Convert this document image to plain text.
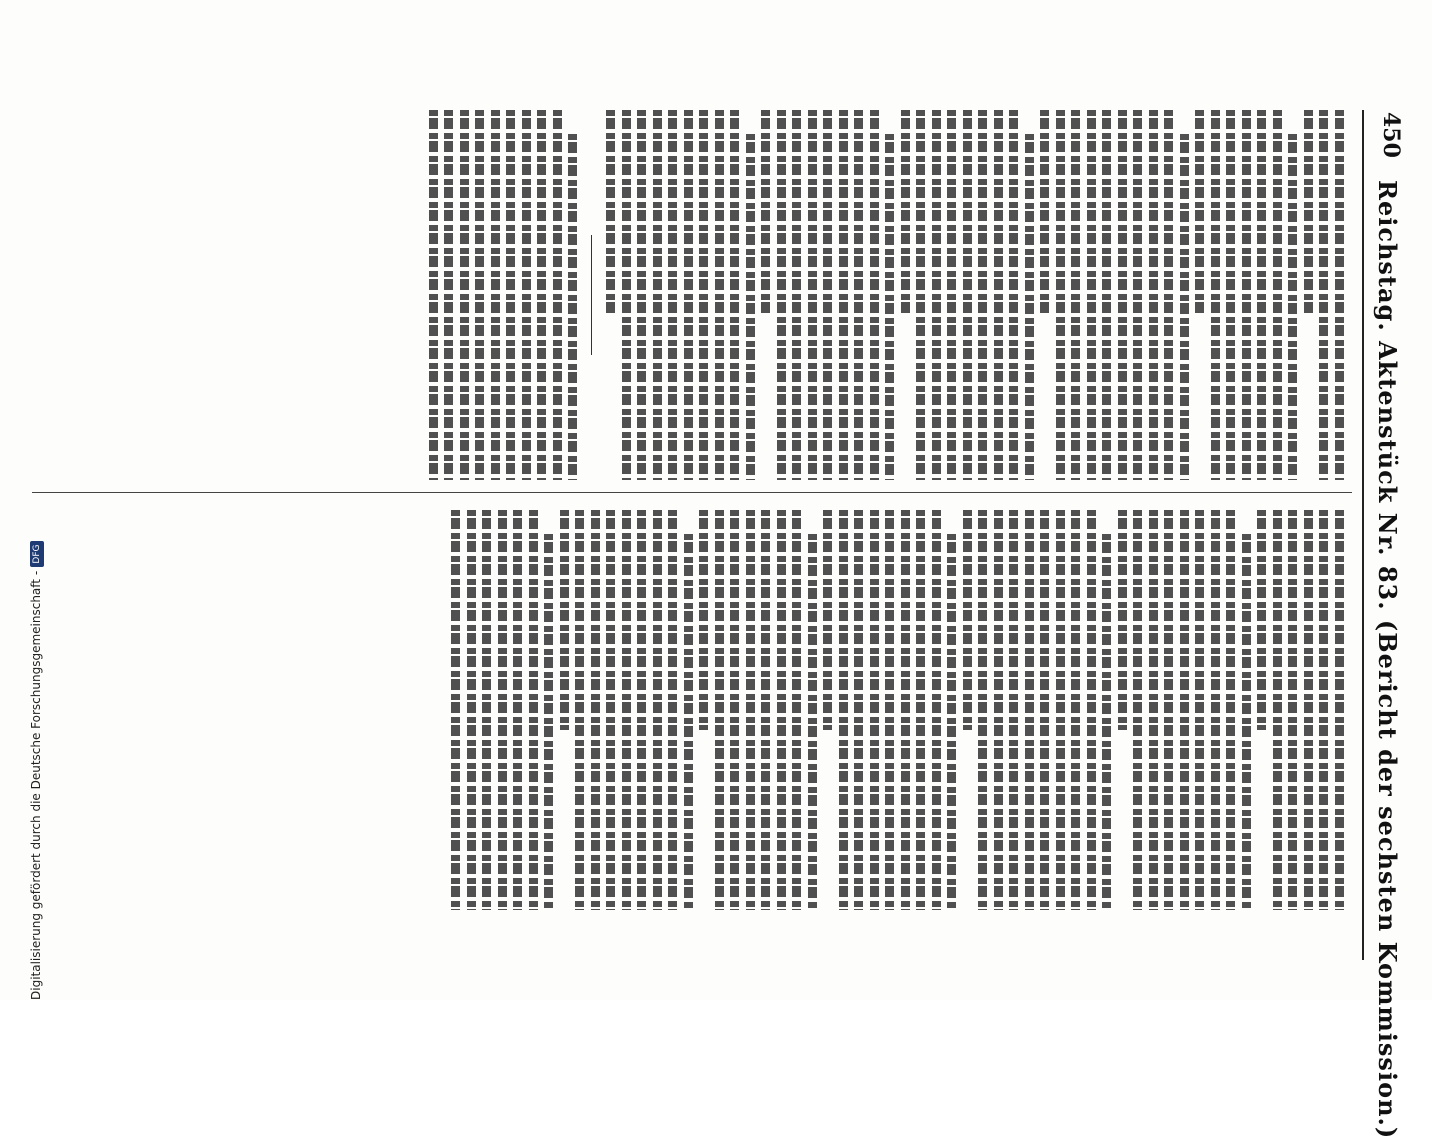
450
Reichstag. Aktenstück Nr. 83. (Bericht der sechsten Kommission.)
Digitalisierung gefördert durch die Deutsche Forschungsgemeinschaft - DFG
